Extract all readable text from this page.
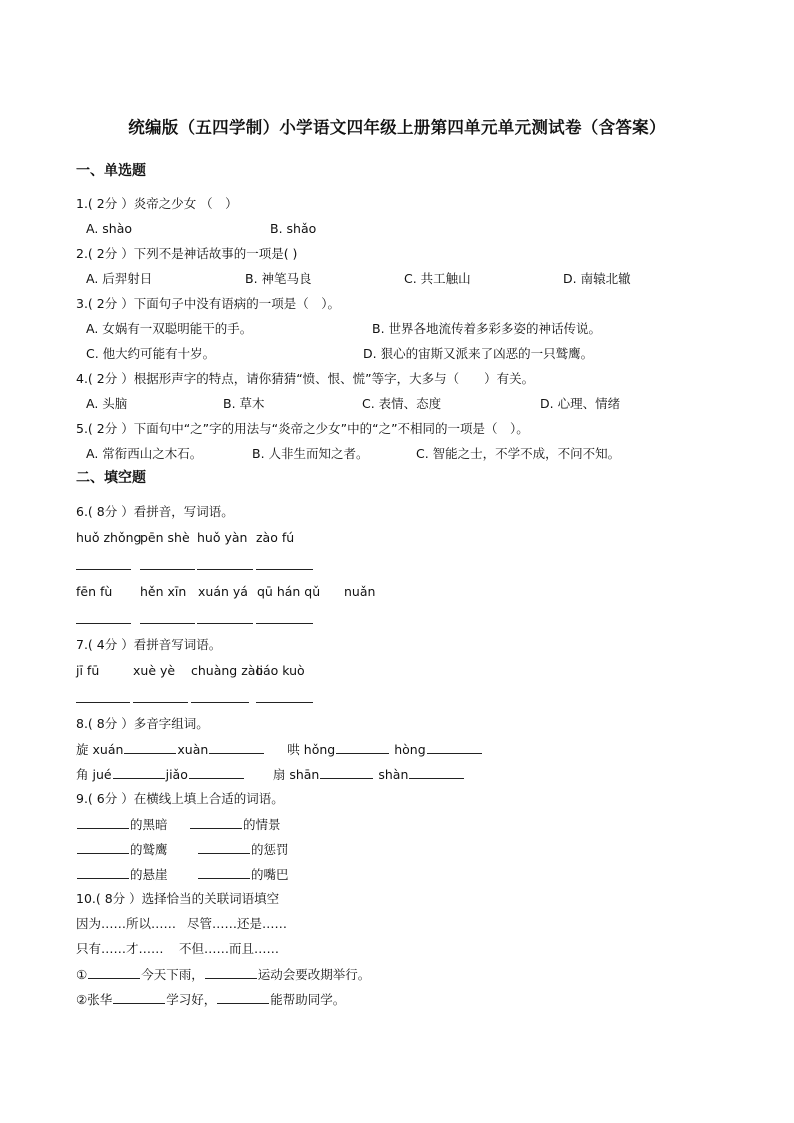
统编版（五四学制）小学语文四年级上册第四单元单元测试卷（含答案）
一、单选题
1.( 2分 ）炎帝之少女 （　）
A. shào	B. shǎo
2.( 2分 ）下列不是神话故事的一项是( )
A. 后羿射日	B. 神笔马良	C. 共工触山	D. 南辕北辙
3.( 2分 ）下面句子中没有语病的一项是（　）。
A. 女娲有一双聪明能干的手。	B. 世界各地流传着多彩多姿的神话传说。
C. 他大约可能有十岁。	D. 狠心的宙斯又派来了凶恶的一只鹫鹰。
4.( 2分 ）根据形声字的特点，请你猜猜“愤、恨、慌”等字，大多与（　　）有关。
A. 头脑	B. 草木	C. 表情、态度	D. 心理、情绪
5.( 2分 ）下面句中“之”字的用法与“炎帝之少女”中的“之”不相同的一项是（　）。
A. 常衔西山之木石。	B. 人非生而知之者。	C. 智能之士，不学不成，不问不知。
二、填空题
6.( 8分 ）看拼音，写词语。
huǒ zhǒng
pēn shè huǒ yàn zào fú
fēn fù hěn xīn xuán yá qū hán qǔ nuǎn
7.( 4分 ）看拼音写词语。
jī fū	xuè yè chuàng zào
liáo kuò
8.( 8分 ）多音字组词。
旋 xuán	xuàn	哄 hǒng	hòng
角 jué	jiǎo	扇 shān	shàn
9.( 6分 ）在横线上填上合适的词语。
的黑暗	的情景
的鹫鹰	的惩罚
的悬崖	的嘴巴
10.( 8分 ）选择恰当的关联词语填空
因为……所以…… 尽管……还是……
只有……才…… 不但……而且……
①	今天下雨，	运动会要改期举行。
②张华	学习好，	能帮助同学。
